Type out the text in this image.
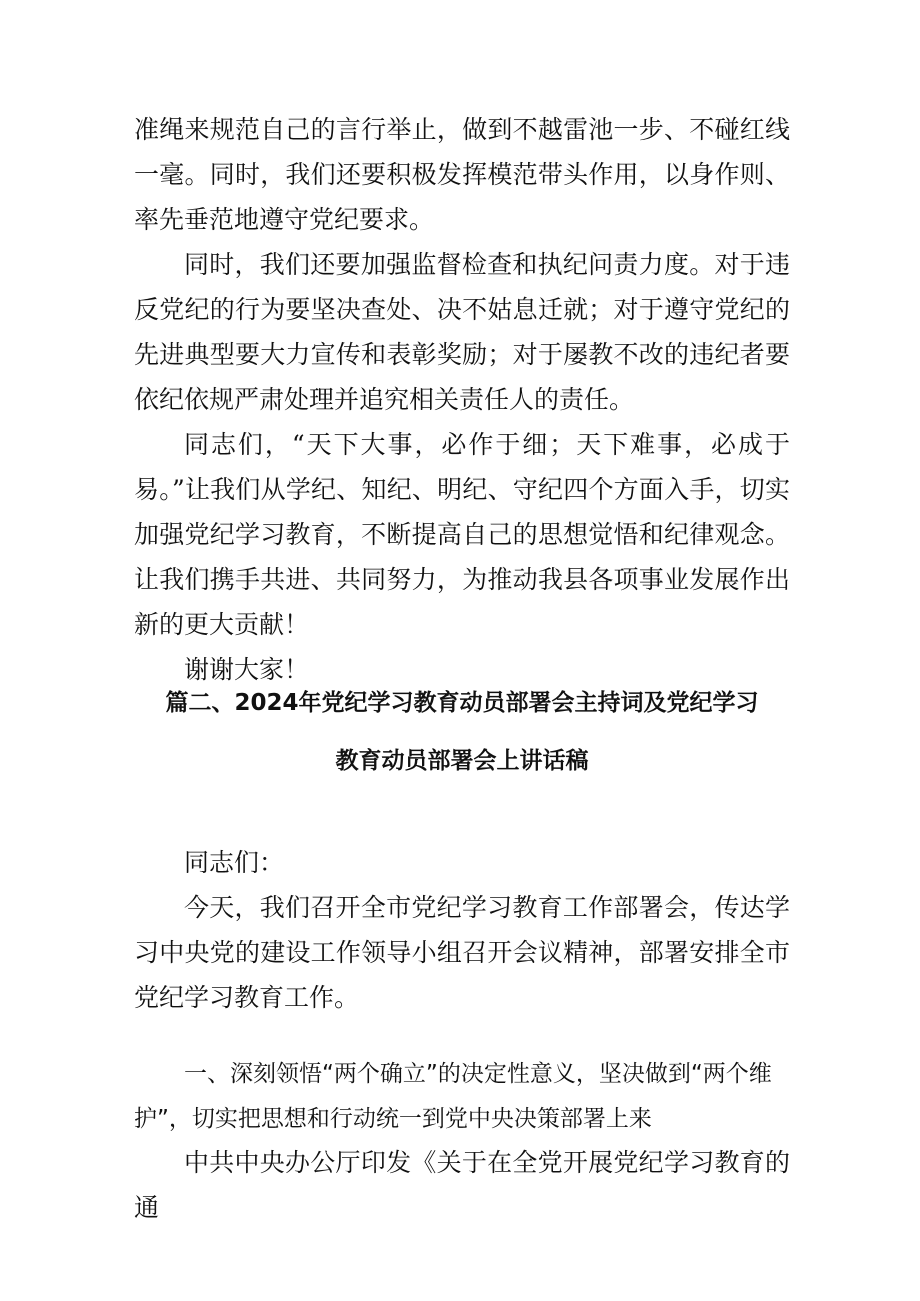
准绳来规范自己的言行举止，做到不越雷池一步、不碰红线一毫。同时，我们还要积极发挥模范带头作用，以身作则、率先垂范地遵守党纪要求。

同时，我们还要加强监督检查和执纪问责力度。对于违反党纪的行为要坚决查处、决不姑息迁就；对于遵守党纪的先进典型要大力宣传和表彰奖励；对于屡教不改的违纪者要依纪依规严肃处理并追究相关责任人的责任。

同志们，“天下大事，必作于细；天下难事，必成于易。”让我们从学纪、知纪、明纪、守纪四个方面入手，切实加强党纪学习教育，不断提高自己的思想觉悟和纪律观念。让我们携手共进、共同努力，为推动我县各项事业发展作出新的更大贡献！

谢谢大家！

篇二、2024年党纪学习教育动员部署会主持词及党纪学习
教育动员部署会上讲话稿

同志们：

今天，我们召开全市党纪学习教育工作部署会，传达学习中央党的建设工作领导小组召开会议精神，部署安排全市党纪学习教育工作。

一、深刻领悟“两个确立”的决定性意义，坚决做到“两个维护”，切实把思想和行动统一到党中央决策部署上来

中共中央办公厅印发《关于在全党开展党纪学习教育的通
